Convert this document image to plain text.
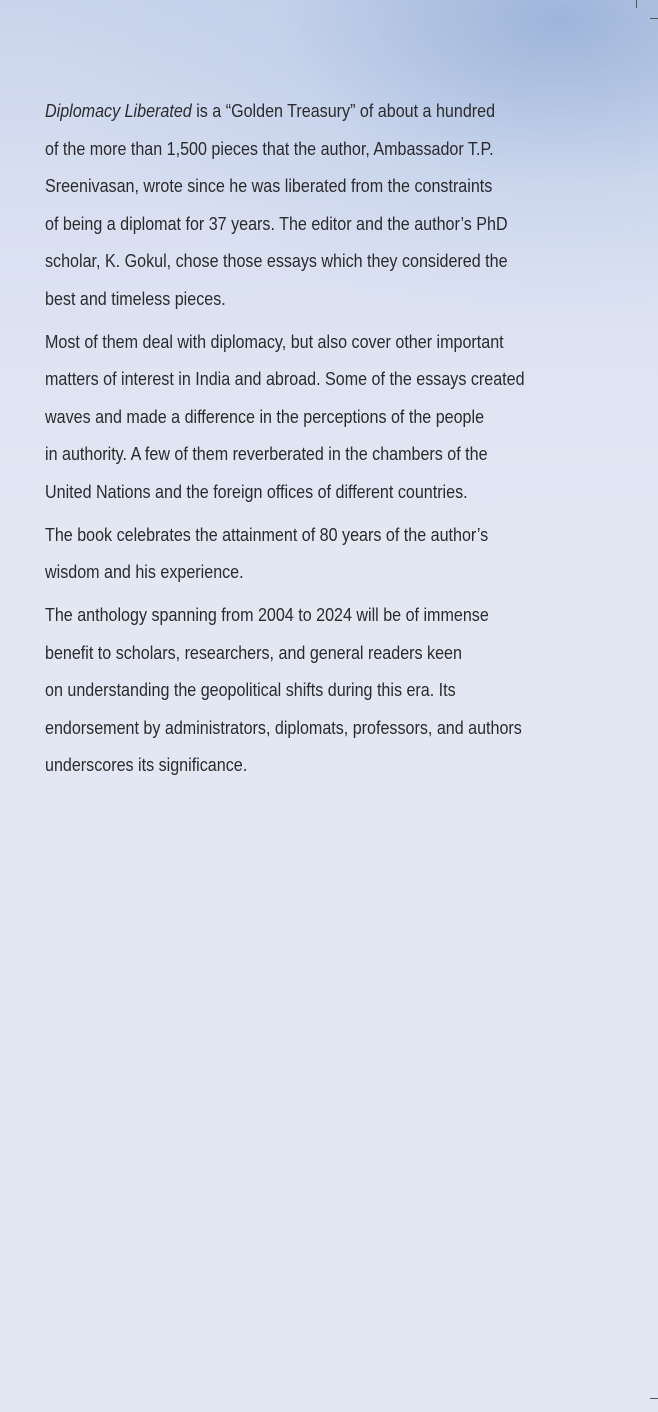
Diplomacy Liberated is a “Golden Treasury” of about a hundred
of the more than 1,500 pieces that the author, Ambassador T.P.
Sreenivasan, wrote since he was liberated from the constraints
of being a diplomat for 37 years. The editor and the author’s PhD
scholar, K. Gokul, chose those essays which they considered the
best and timeless pieces.

Most of them deal with diplomacy, but also cover other important
matters of interest in India and abroad. Some of the essays created
waves and made a difference in the perceptions of the people
in authority. A few of them reverberated in the chambers of the
United Nations and the foreign offices of different countries.

The book celebrates the attainment of 80 years of the author’s
wisdom and his experience.

The anthology spanning from 2004 to 2024 will be of immense
benefit to scholars, researchers, and general readers keen
on understanding the geopolitical shifts during this era. Its
endorsement by administrators, diplomats, professors, and authors
underscores its significance.
